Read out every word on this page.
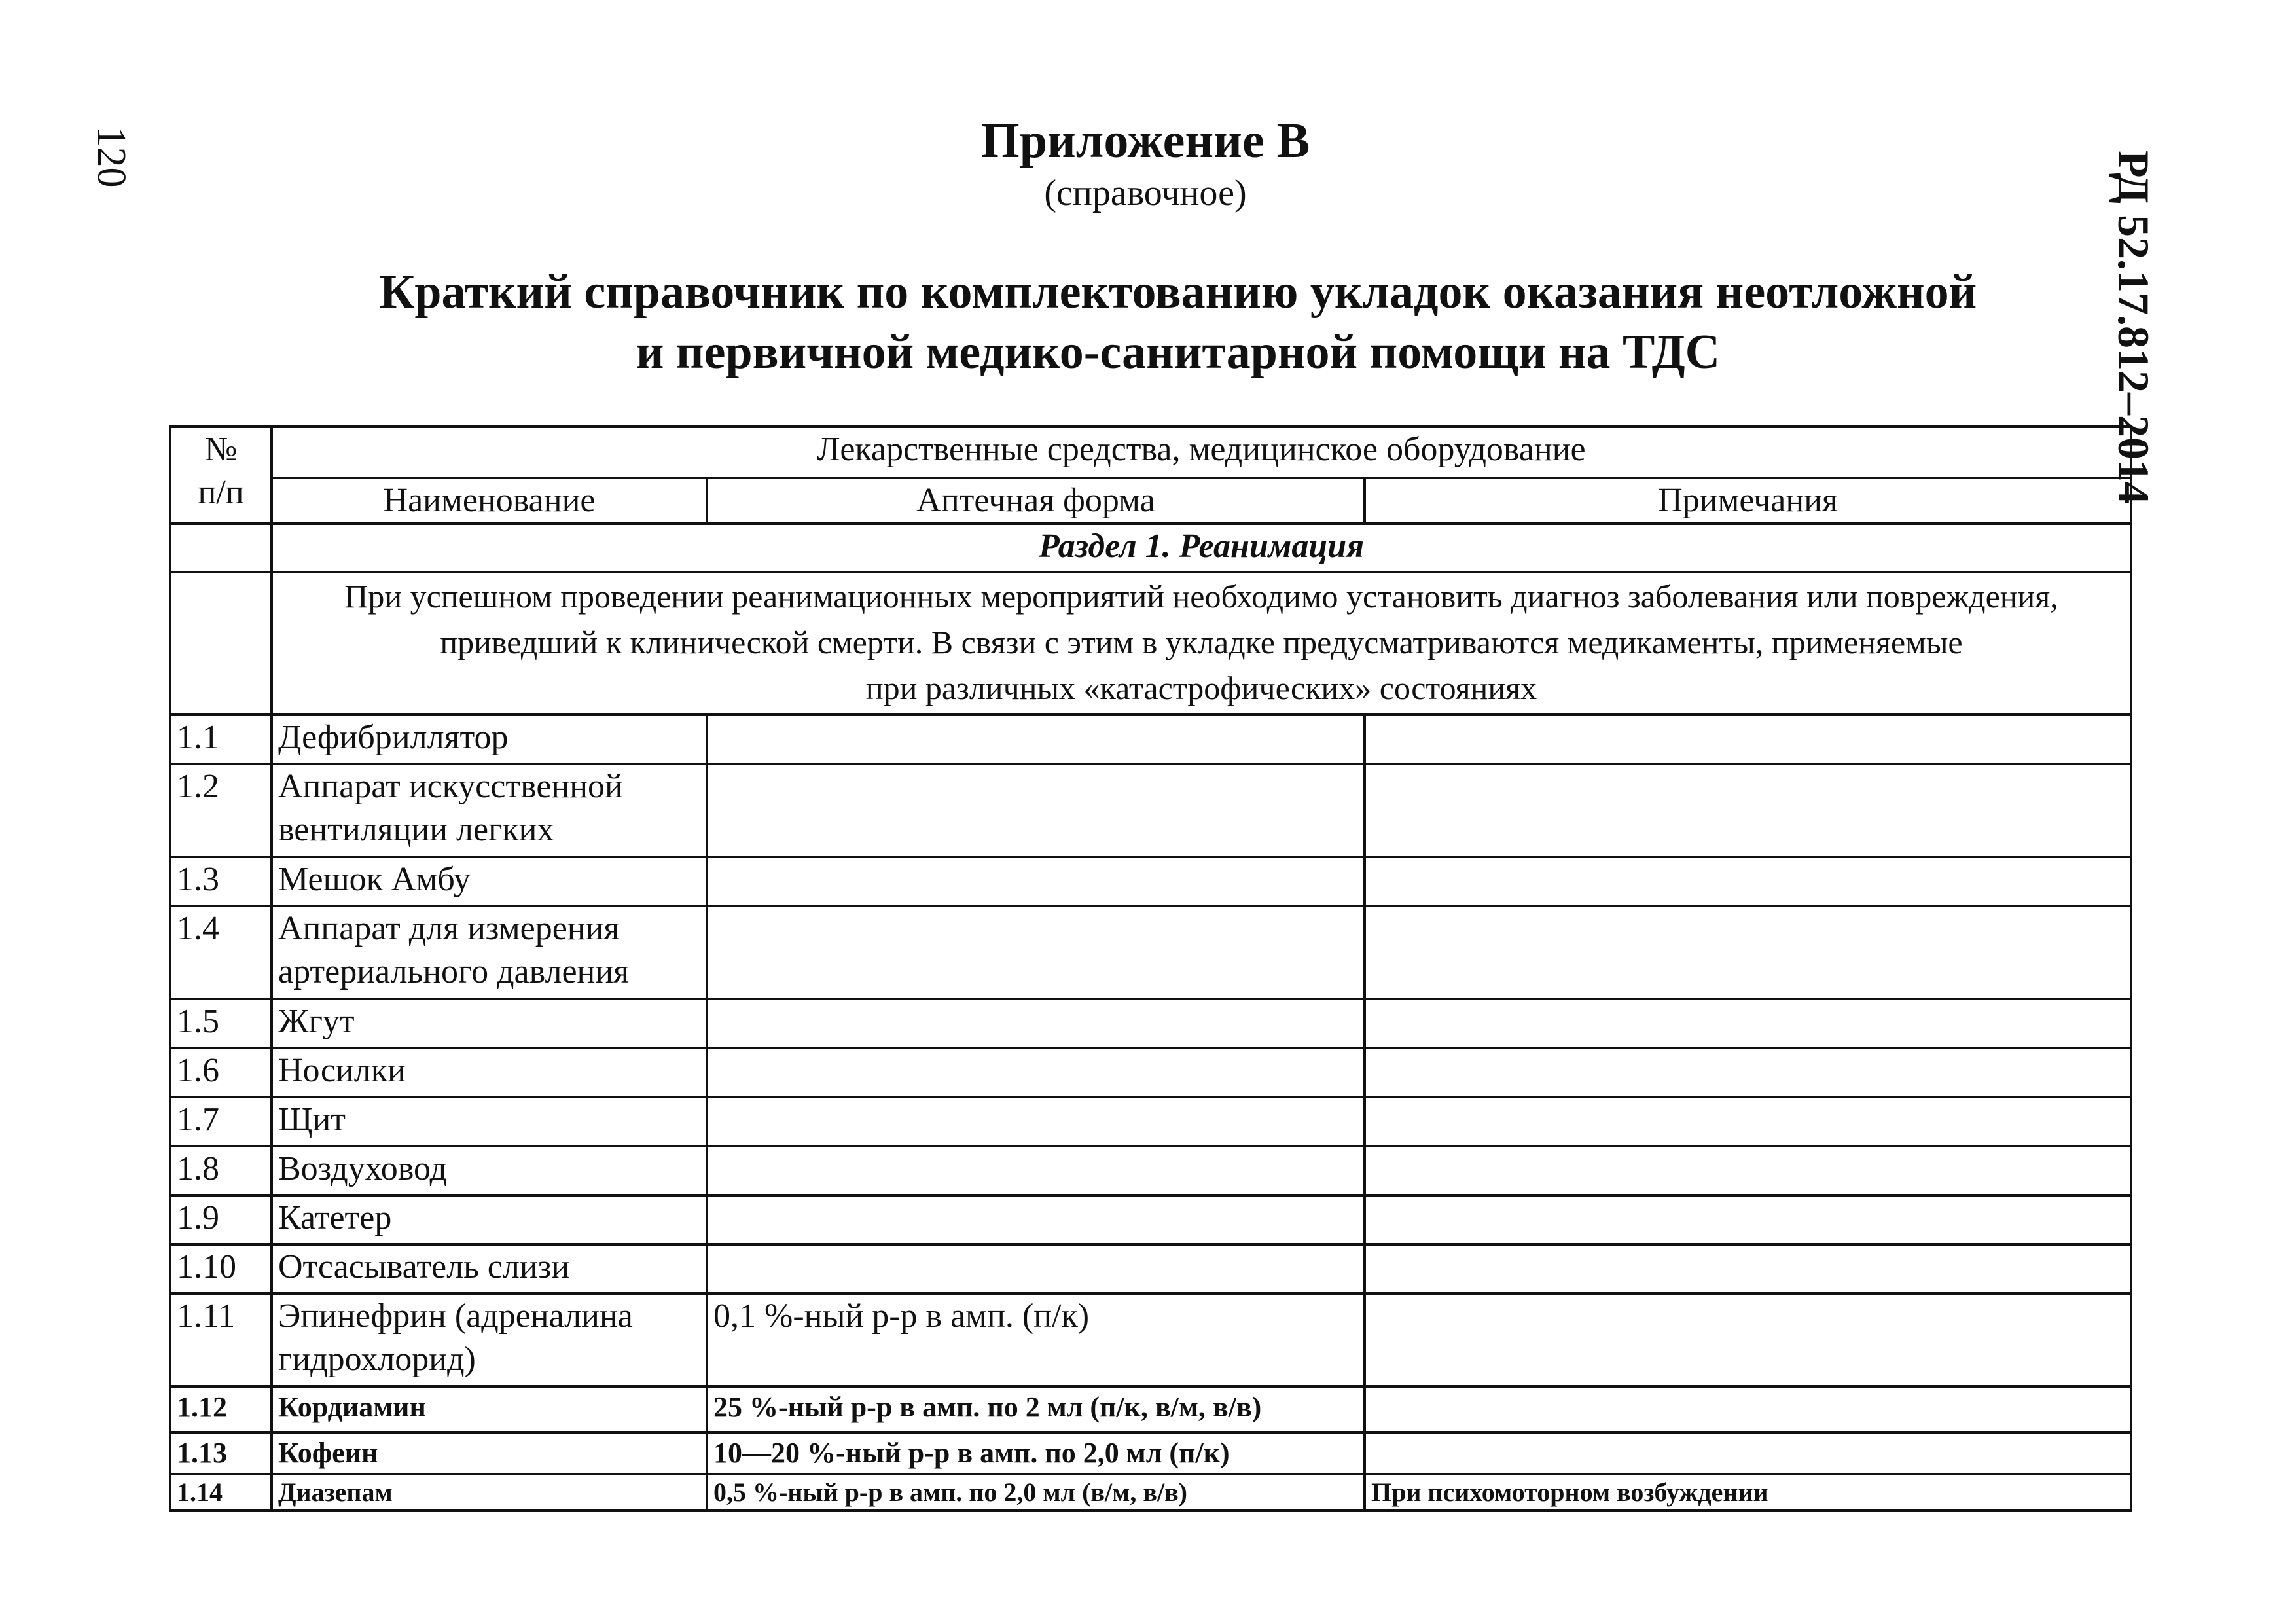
120	РД 52.17.812–2014
Приложение В
(справочное)
Краткий справочник по комплектованию укладок оказания неотложной
и первичной медико-санитарной помощи на ТДС
№
п/п	Лекарственные средства, медицинское оборудование		
	Наименование	Аптечная форма	Примечания
	Раздел 1. Реанимация		

	При успешном проведении реанимационных мероприятий необходимо установить диагноз заболевания или повреждения,
приведший к клинической смерти. В связи с этим в укладке предусматриваются медикаменты, применяемые
при различных «катастрофических» состояниях		

1.1	Дефибриллятор		
1.2	Аппарат искусственной вентиляции легких		
1.3	Мешок Амбу		
1.4	Аппарат для измерения артериального давления		
1.5	Жгут		
1.6	Носилки		
1.7	Щит		
1.8	Воздуховод		
1.9	Катетер		
1.10	Отсасыватель слизи		
1.11	Эпинефрин (адреналина гидрохлорид)	0,1 %-ный р-р в амп. (п/к)	
1.12	Кордиамин	25 %-ный р-р в амп. по 2 мл (п/к, в/м, в/в)	
1.13	Кофеин	10—20 %-ный р-р в амп. по 2,0 мл (п/к)	
1.14	Диазепам	0,5 %-ный р-р в амп. по 2,0 мл (в/м, в/в)	При психомоторном возбуждении
